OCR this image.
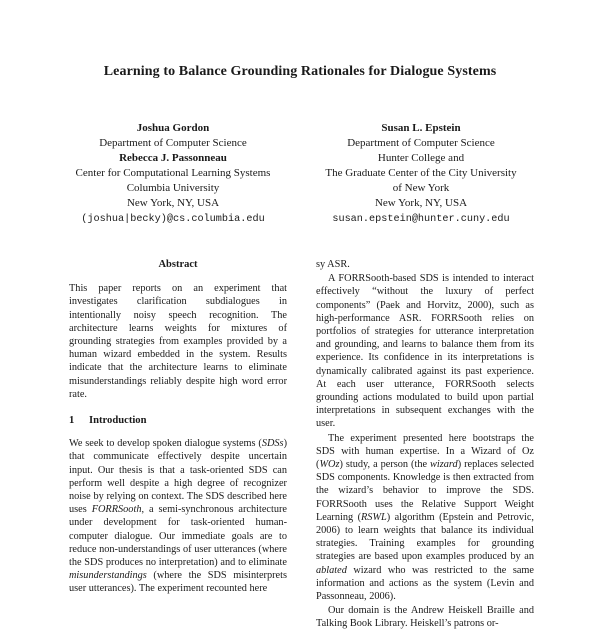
Learning to Balance Grounding Rationales for Dialogue Systems
Joshua Gordon
Department of Computer Science
Rebecca J. Passonneau
Center for Computational Learning Systems
Columbia University
New York, NY, USA
(joshua|becky)@cs.columbia.edu
Susan L. Epstein
Department of Computer Science
Hunter College and
The Graduate Center of the City University
of New York
New York, NY, USA
susan.epstein@hunter.cuny.edu
Abstract
This paper reports on an experiment that investigates clarification subdialogues in intentionally noisy speech recognition. The architecture learns weights for mixtures of grounding strategies from examples provided by a human wizard embedded in the system. Results indicate that the architecture learns to eliminate misunderstandings reliably despite high word error rate.
1 Introduction

We seek to develop spoken dialogue systems (SDSs) that communicate effectively despite uncertain input. Our thesis is that a task-oriented SDS can perform well despite a high degree of recognizer noise by relying on context. The SDS described here uses FORRSooth, a semi-synchronous architecture under development for task-oriented human-computer dialogue. Our immediate goals are to reduce non-understandings of user utterances (where the SDS produces no interpretation) and to eliminate misunderstandings (where the SDS misinterprets user utterances). The experiment recounted here

sy ASR.

A FORRSooth-based SDS is intended to interact effectively “without the luxury of perfect components” (Paek and Horvitz, 2000), such as high-performance ASR. FORRSooth relies on portfolios of strategies for utterance interpretation and grounding, and learns to balance them from its experience. Its confidence in its interpretations is dynamically calibrated against its past experience. At each user utterance, FORRSooth selects grounding actions modulated to build upon partial interpretations in subsequent exchanges with the user.

The experiment presented here bootstraps the SDS with human expertise. In a Wizard of Oz (WOz) study, a person (the wizard) replaces selected SDS components. Knowledge is then extracted from the wizard’s behavior to improve the SDS. FORRSooth uses the Relative Support Weight Learning (RSWL) algorithm (Epstein and Petrovic, 2006) to learn weights that balance its individual strategies. Training examples for grounding strategies are based upon examples produced by an ablated wizard who was restricted to the same information and actions as the system (Levin and Passonneau, 2006).

Our domain is the Andrew Heiskell Braille and Talking Book Library. Heiskell’s patrons or-
